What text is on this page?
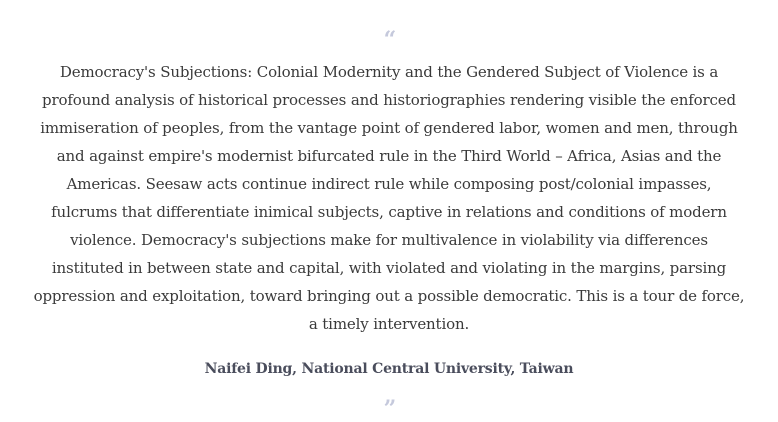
“

Democracy's Subjections: Colonial Modernity and the Gendered Subject of Violence is a
profound analysis of historical processes and historiographies rendering visible the enforced
immiseration of peoples, from the vantage point of gendered labor, women and men, through
and against empire's modernist bifurcated rule in the Third World – Africa, Asias and the
Americas. Seesaw acts continue indirect rule while composing post/colonial impasses,
fulcrums that differentiate inimical subjects, captive in relations and conditions of modern
violence. Democracy's subjections make for multivalence in violability via differences
instituted in between state and capital, with violated and violating in the margins, parsing
oppression and exploitation, toward bringing out a possible democratic. This is a tour de force,
a timely intervention.

Naifei Ding, National Central University, Taiwan
”
